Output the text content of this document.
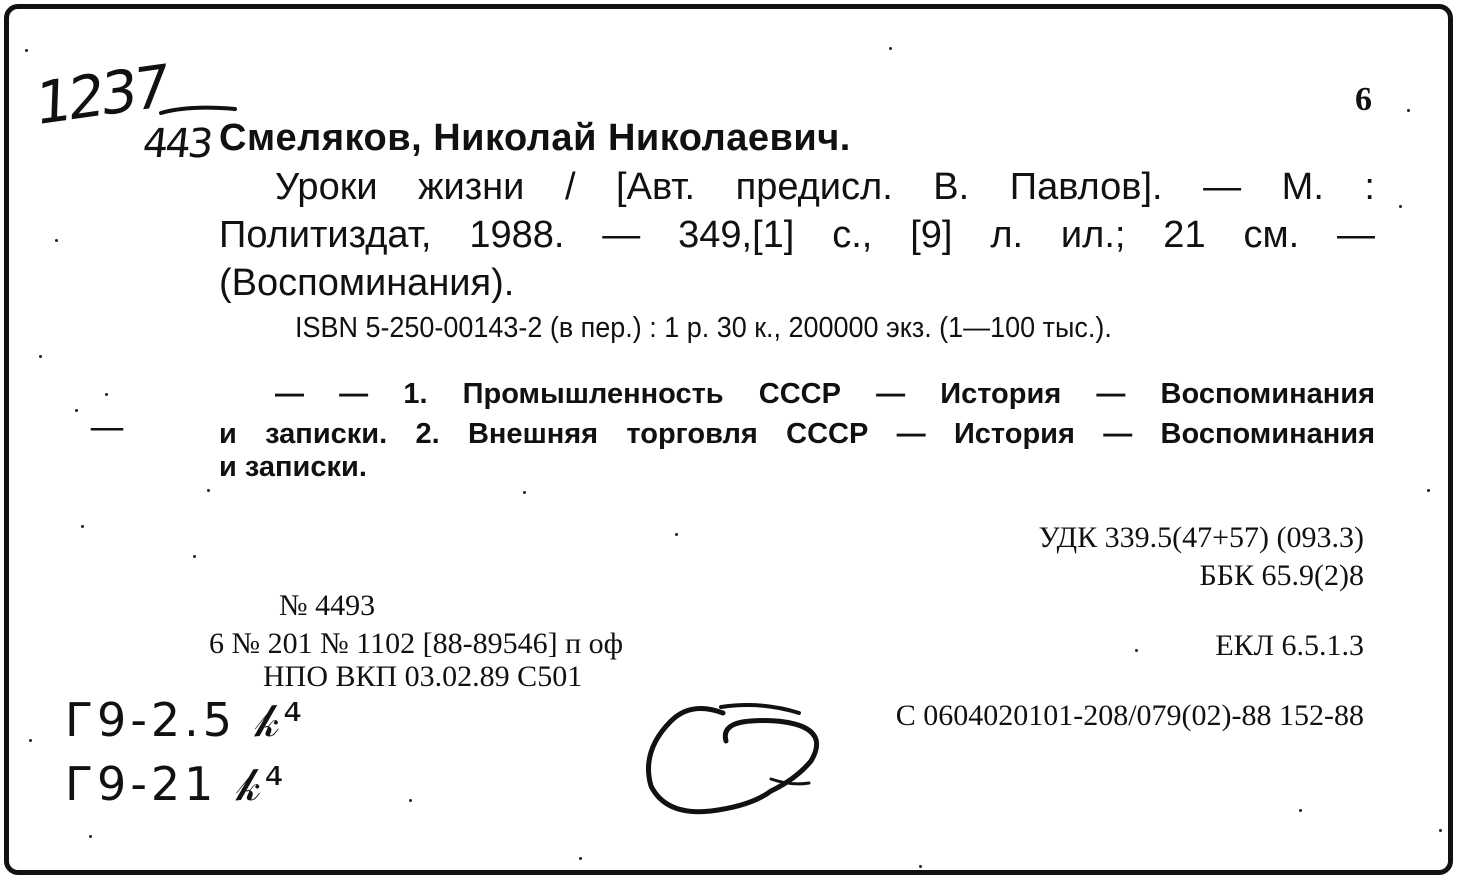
1237
443
6
Смеляков, Николай Николаевич.
Уроки жизни / [Авт. предисл. В. Павлов]. — М. :
Политиздат, 1988. — 349,[1] с., [9] л. ил.; 21 см. —
(Воспоминания).
ISBN 5-250-00143-2 (в пер.) : 1 р. 30 к., 200000 экз. (1—100 тыс.).
— — 1. Промышленность СССР — История — Воспоминания
и записки. 2. Внешняя торговля СССР — История — Воспоминания
и записки.
УДК 339.5(47+57) (093.3)
ББК 65.9(2)8
№ 4493
6 № 201 № 1102 [88-89546] п оф
НПО ВКП 03.02.89 С501
ЕКЛ 6.5.1.3
С 0604020101-208/079(02)-88 152-88
Г9-2.5 𝓀⁴
Г9-21 𝓀⁴
—
